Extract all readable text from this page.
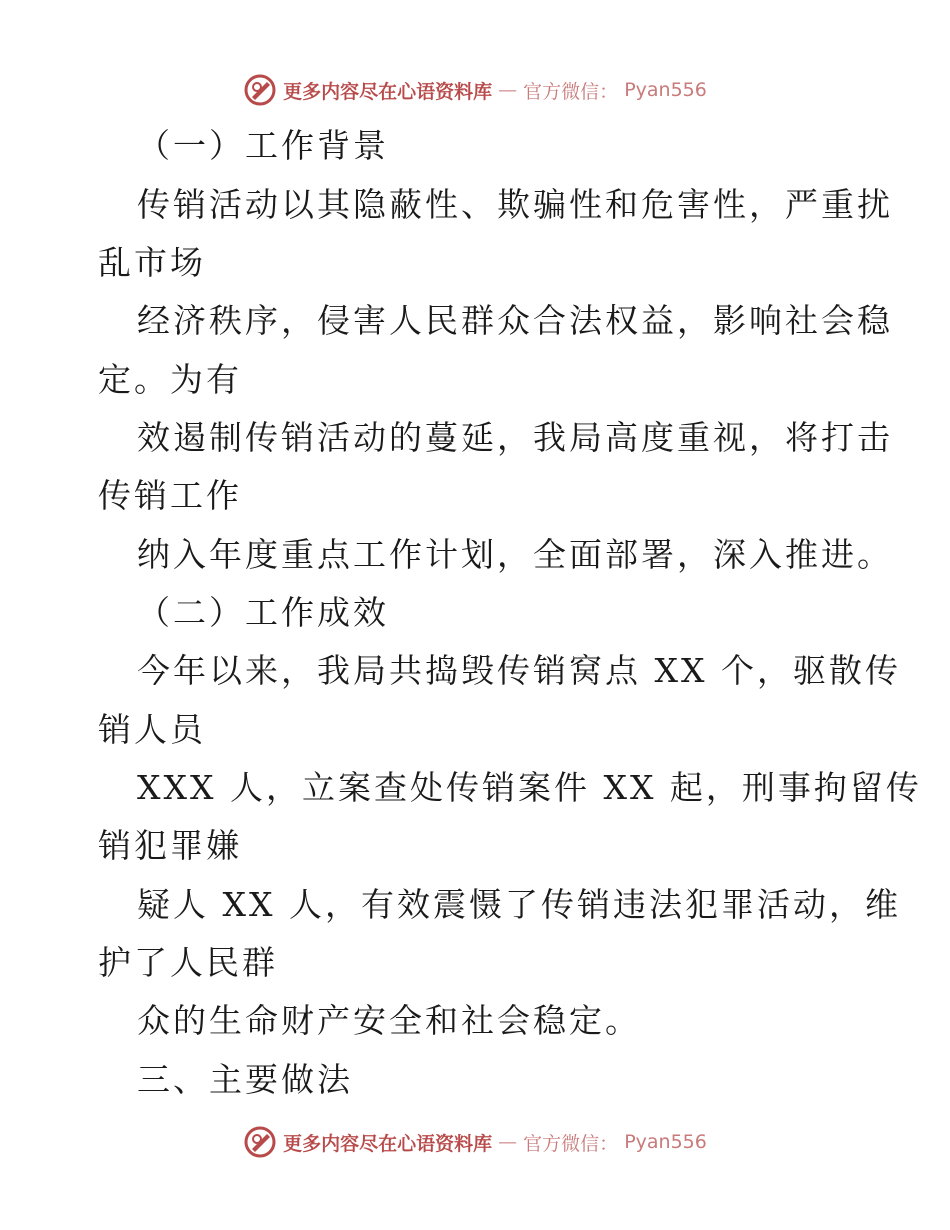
更多内容尽在心语资料库 — 官方微信： Pyan556
（一）工作背景
传销活动以其隐蔽性、欺骗性和危害性，严重扰
乱市场
经济秩序，侵害人民群众合法权益，影响社会稳
定。为有
效遏制传销活动的蔓延，我局高度重视，将打击
传销工作
纳入年度重点工作计划，全面部署，深入推进。
（二）工作成效
今年以来，我局共捣毁传销窝点 XX 个，驱散传
销人员
XXX 人，立案查处传销案件 XX 起，刑事拘留传
销犯罪嫌
疑人 XX 人，有效震慑了传销违法犯罪活动，维
护了人民群
众的生命财产安全和社会稳定。
三、主要做法
更多内容尽在心语资料库 — 官方微信： Pyan556
